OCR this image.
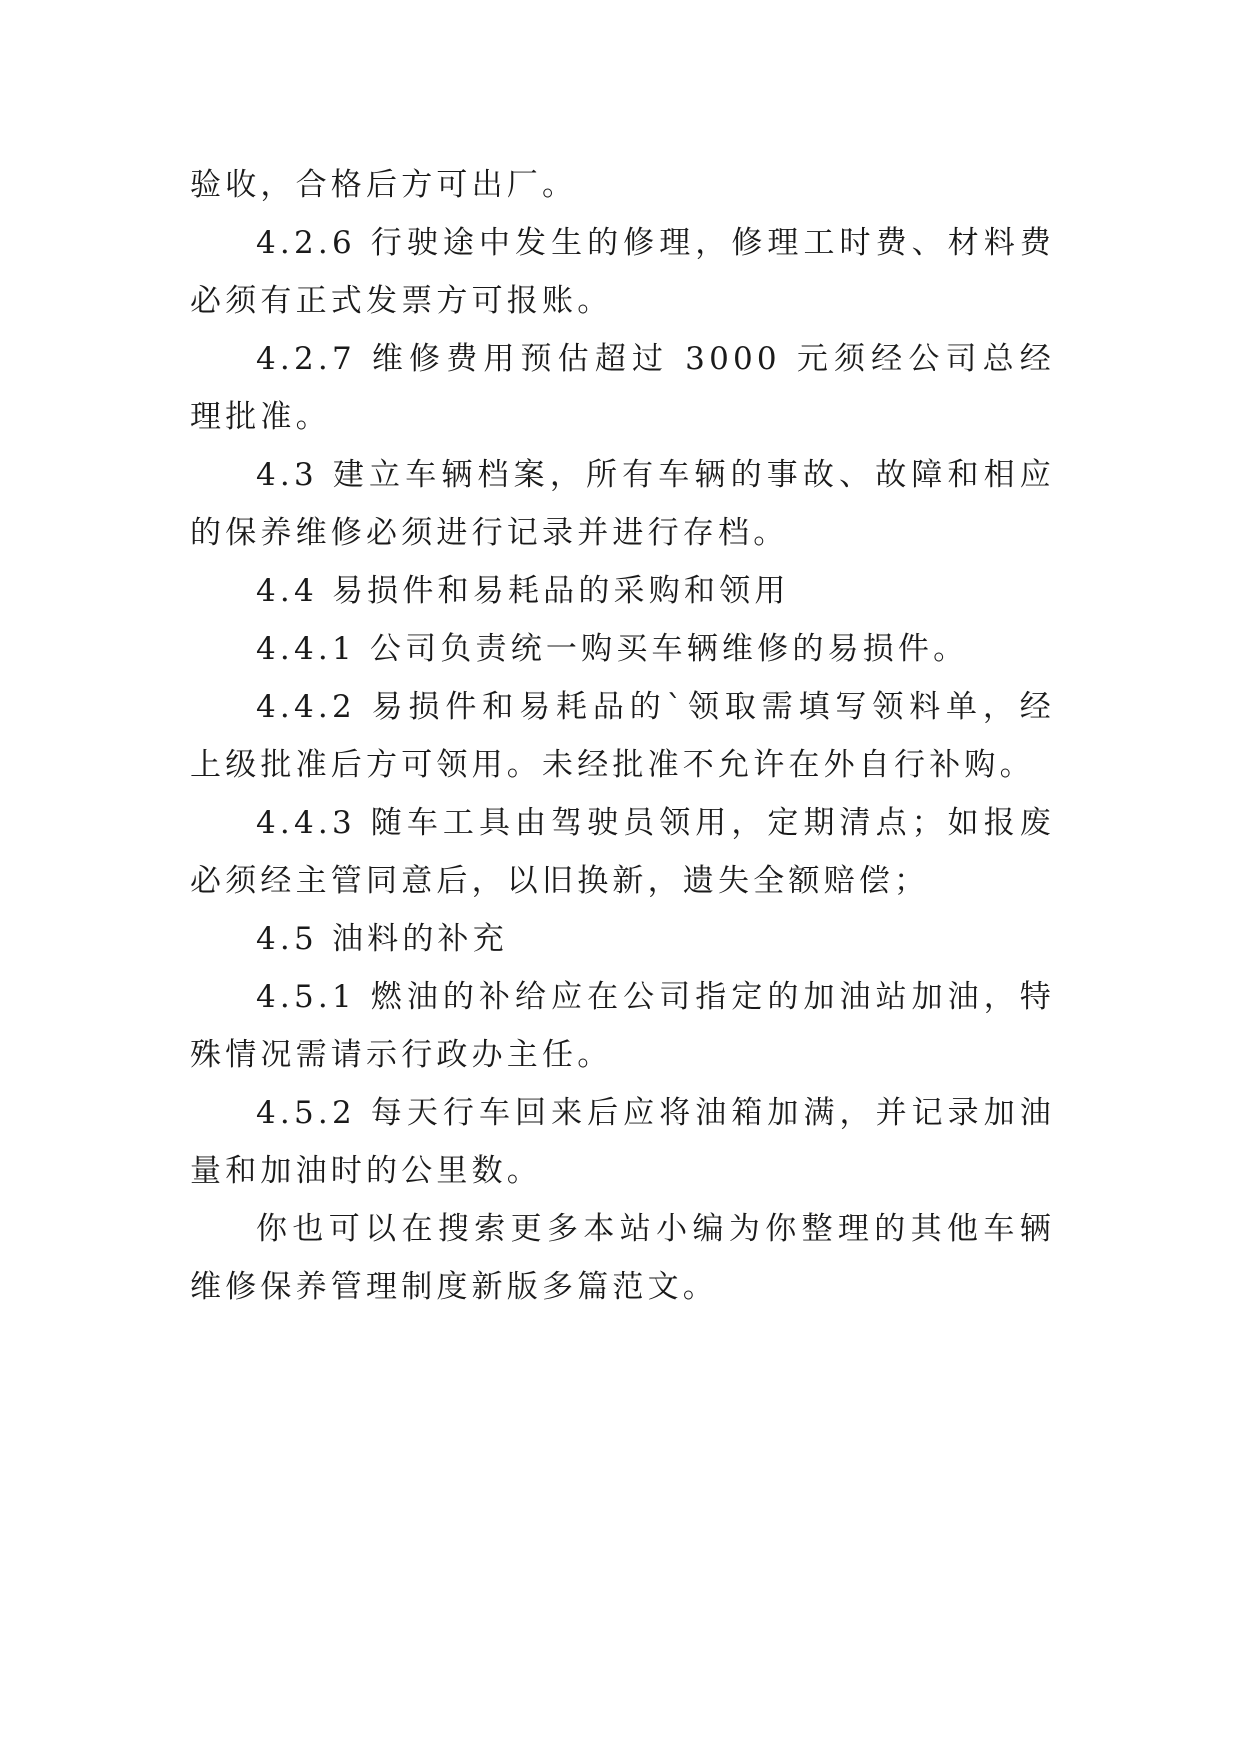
验收，合格后方可出厂。

4.2.6 行驶途中发生的修理，修理工时费、材料费必须有正式发票方可报账。

4.2.7 维修费用预估超过 3000 元须经公司总经理批准。

4.3 建立车辆档案，所有车辆的事故、故障和相应的保养维修必须进行记录并进行存档。

4.4 易损件和易耗品的采购和领用

4.4.1 公司负责统一购买车辆维修的易损件。

4.4.2 易损件和易耗品的`领取需填写领料单，经上级批准后方可领用。未经批准不允许在外自行补购。

4.4.3 随车工具由驾驶员领用，定期清点；如报废必须经主管同意后，以旧换新，遗失全额赔偿；

4.5 油料的补充

4.5.1 燃油的补给应在公司指定的加油站加油，特殊情况需请示行政办主任。

4.5.2 每天行车回来后应将油箱加满，并记录加油量和加油时的公里数。

你也可以在搜索更多本站小编为你整理的其他车辆维修保养管理制度新版多篇范文。
